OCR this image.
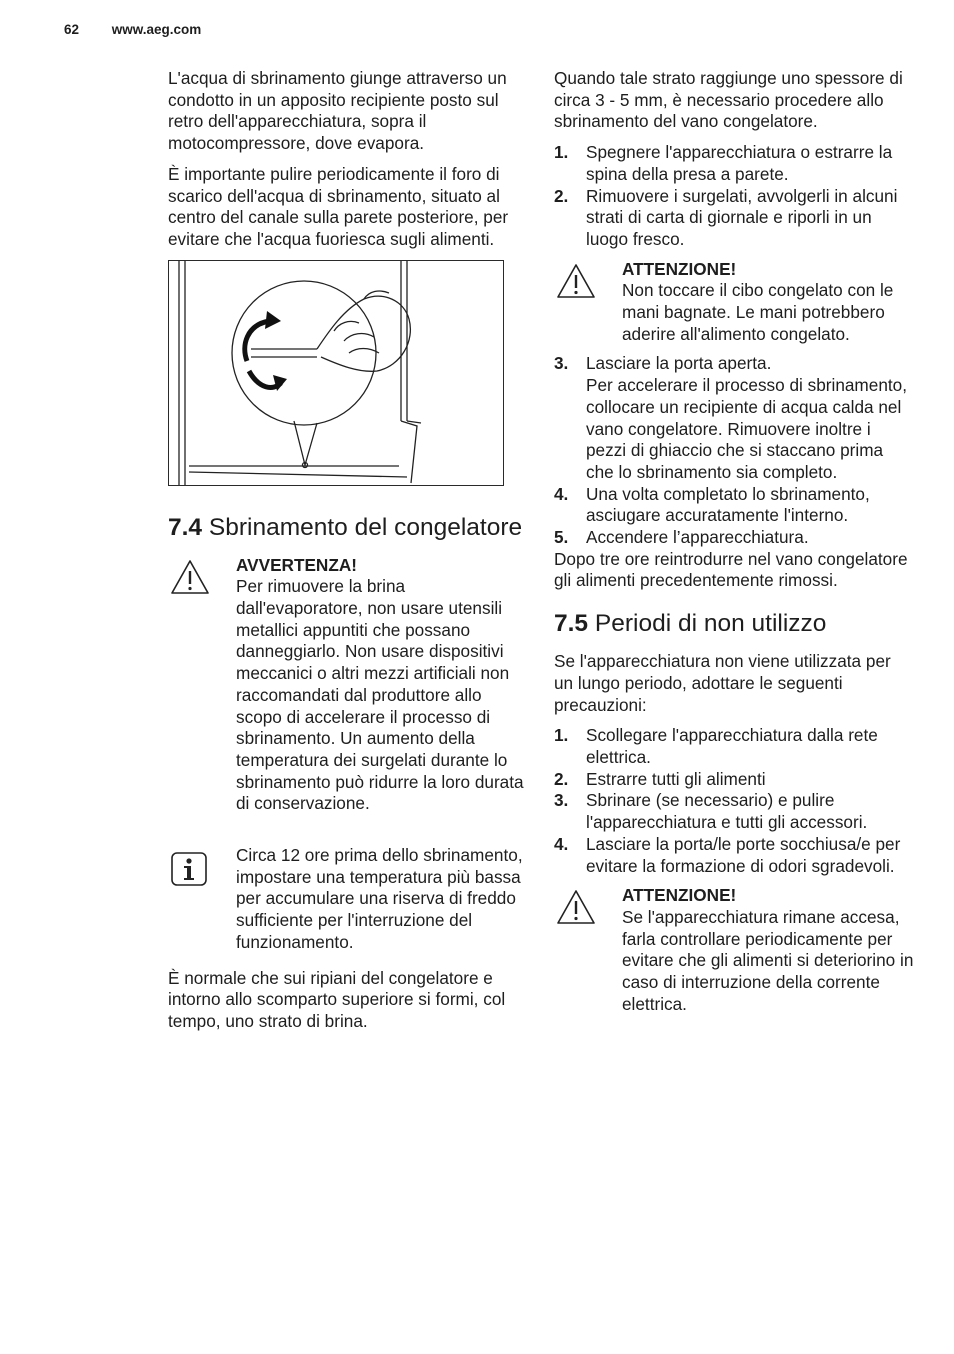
62 www.aeg.com

L'acqua di sbrinamento giunge attraverso un condotto in un apposito recipiente posto sul retro dell'apparecchiatura, sopra il motocompressore, dove evapora.

È importante pulire periodicamente il foro di scarico dell'acqua di sbrinamento, situato al centro del canale sulla parete posteriore, per evitare che l'acqua fuoriesca sugli alimenti.

7.4 Sbrinamento del congelatore
AVVERTENZA!
Per rimuovere la brina dall'evaporatore, non usare utensili metallici appuntiti che possano danneggiarlo. Non usare dispositivi meccanici o altri mezzi artificiali non raccomandati dal produttore allo scopo di accelerare il processo di sbrinamento. Un aumento della temperatura dei surgelati durante lo sbrinamento può ridurre la loro durata di conservazione.
Circa 12 ore prima dello sbrinamento, impostare una temperatura più bassa per accumulare una riserva di freddo sufficiente per l'interruzione del funzionamento.

È normale che sui ripiani del congelatore e intorno allo scomparto superiore si formi, col tempo, uno strato di brina.

Quando tale strato raggiunge uno spessore di circa 3 - 5 mm, è necessario procedere allo sbrinamento del vano congelatore.

1. Spegnere l'apparecchiatura o estrarre la spina della presa a parete.
2. Rimuovere i surgelati, avvolgerli in alcuni strati di carta di giornale e riporli in un luogo fresco.
ATTENZIONE!
Non toccare il cibo congelato con le mani bagnate. Le mani potrebbero aderire all'alimento congelato.
3. Lasciare la porta aperta.
Per accelerare il processo di sbrinamento, collocare un recipiente di acqua calda nel vano congelatore. Rimuovere inoltre i pezzi di ghiaccio che si staccano prima che lo sbrinamento sia completo.
4. Una volta completato lo sbrinamento, asciugare accuratamente l'interno.
5. Accendere l’apparecchiatura.

Dopo tre ore reintrodurre nel vano congelatore gli alimenti precedentemente rimossi.

7.5 Periodi di non utilizzo

Se l'apparecchiatura non viene utilizzata per un lungo periodo, adottare le seguenti precauzioni:

1. Scollegare l'apparecchiatura dalla rete elettrica.
2. Estrarre tutti gli alimenti
3. Sbrinare (se necessario) e pulire l'apparecchiatura e tutti gli accessori.
4. Lasciare la porta/le porte socchiusa/e per evitare la formazione di odori sgradevoli.
ATTENZIONE!
Se l'apparecchiatura rimane accesa, farla controllare periodicamente per evitare che gli alimenti si deteriorino in caso di interruzione della corrente elettrica.
